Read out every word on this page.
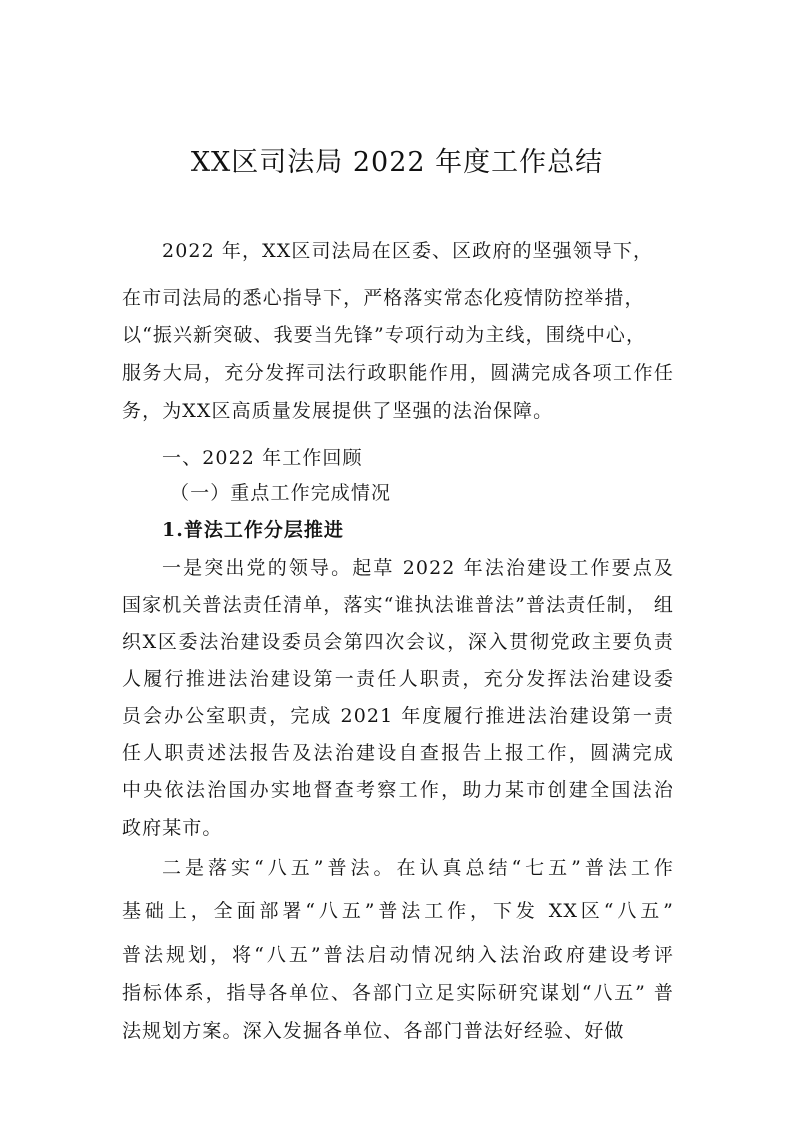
XX区司法局 2022 年度工作总结
2022 年，XX区司法局在区委、区政府的坚强领导下，
在市司法局的悉心指导下，严格落实常态化疫情防控举措，
以“振兴新突破、我要当先锋”专项行动为主线，围绕中心，
服务大局，充分发挥司法行政职能作用，圆满完成各项工作任
务，为XX区高质量发展提供了坚强的法治保障。
一、2022 年工作回顾
（一）重点工作完成情况
1.普法工作分层推进
一是突出党的领导。起草 2022 年法治建设工作要点及
国家机关普法责任清单，落实“谁执法谁普法”普法责任制， 组
织X区委法治建设委员会第四次会议，深入贯彻党政主要负责
人履行推进法治建设第一责任人职责，充分发挥法治建设委
员会办公室职责，完成 2021 年度履行推进法治建设第一责
任人职责述法报告及法治建设自查报告上报工作，圆满完成
中央依法治国办实地督查考察工作，助力某市创建全国法治
政府某市。
二是落实“八五”普法。在认真总结“七五”普法工作
基础上，全面部署“八五”普法工作，下发 XX区“八五”
普法规划，将“八五”普法启动情况纳入法治政府建设考评
指标体系，指导各单位、各部门立足实际研究谋划“八五” 普
法规划方案。深入发掘各单位、各部门普法好经验、好做
